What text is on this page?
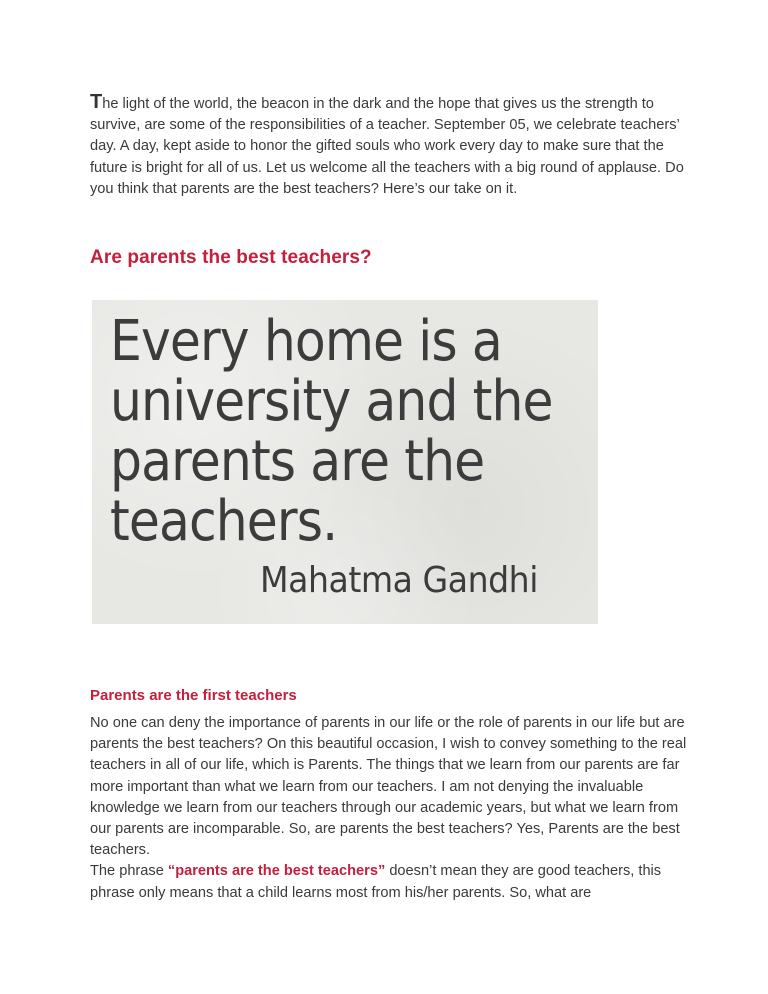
The light of the world, the beacon in the dark and the hope that gives us the strength to survive, are some of the responsibilities of a teacher. September 05, we celebrate teachers’ day. A day, kept aside to honor the gifted souls who work every day to make sure that the future is bright for all of us. Let us welcome all the teachers with a big round of applause. Do you think that parents are the best teachers? Here’s our take on it.

Are parents the best teachers?
Every home is a
university and the
parents are the
teachers.
Mahatma Gandhi
Parents are the first teachers

No one can deny the importance of parents in our life or the role of parents in our life but are parents the best teachers? On this beautiful occasion, I wish to convey something to the real teachers in all of our life, which is Parents. The things that we learn from our parents are far more important than what we learn from our teachers. I am not denying the invaluable knowledge we learn from our teachers through our academic years, but what we learn from our parents are incomparable. So, are parents the best teachers? Yes, Parents are the best teachers.

The phrase “parents are the best teachers” doesn’t mean they are good teachers, this phrase only means that a child learns most from his/her parents. So, what are
